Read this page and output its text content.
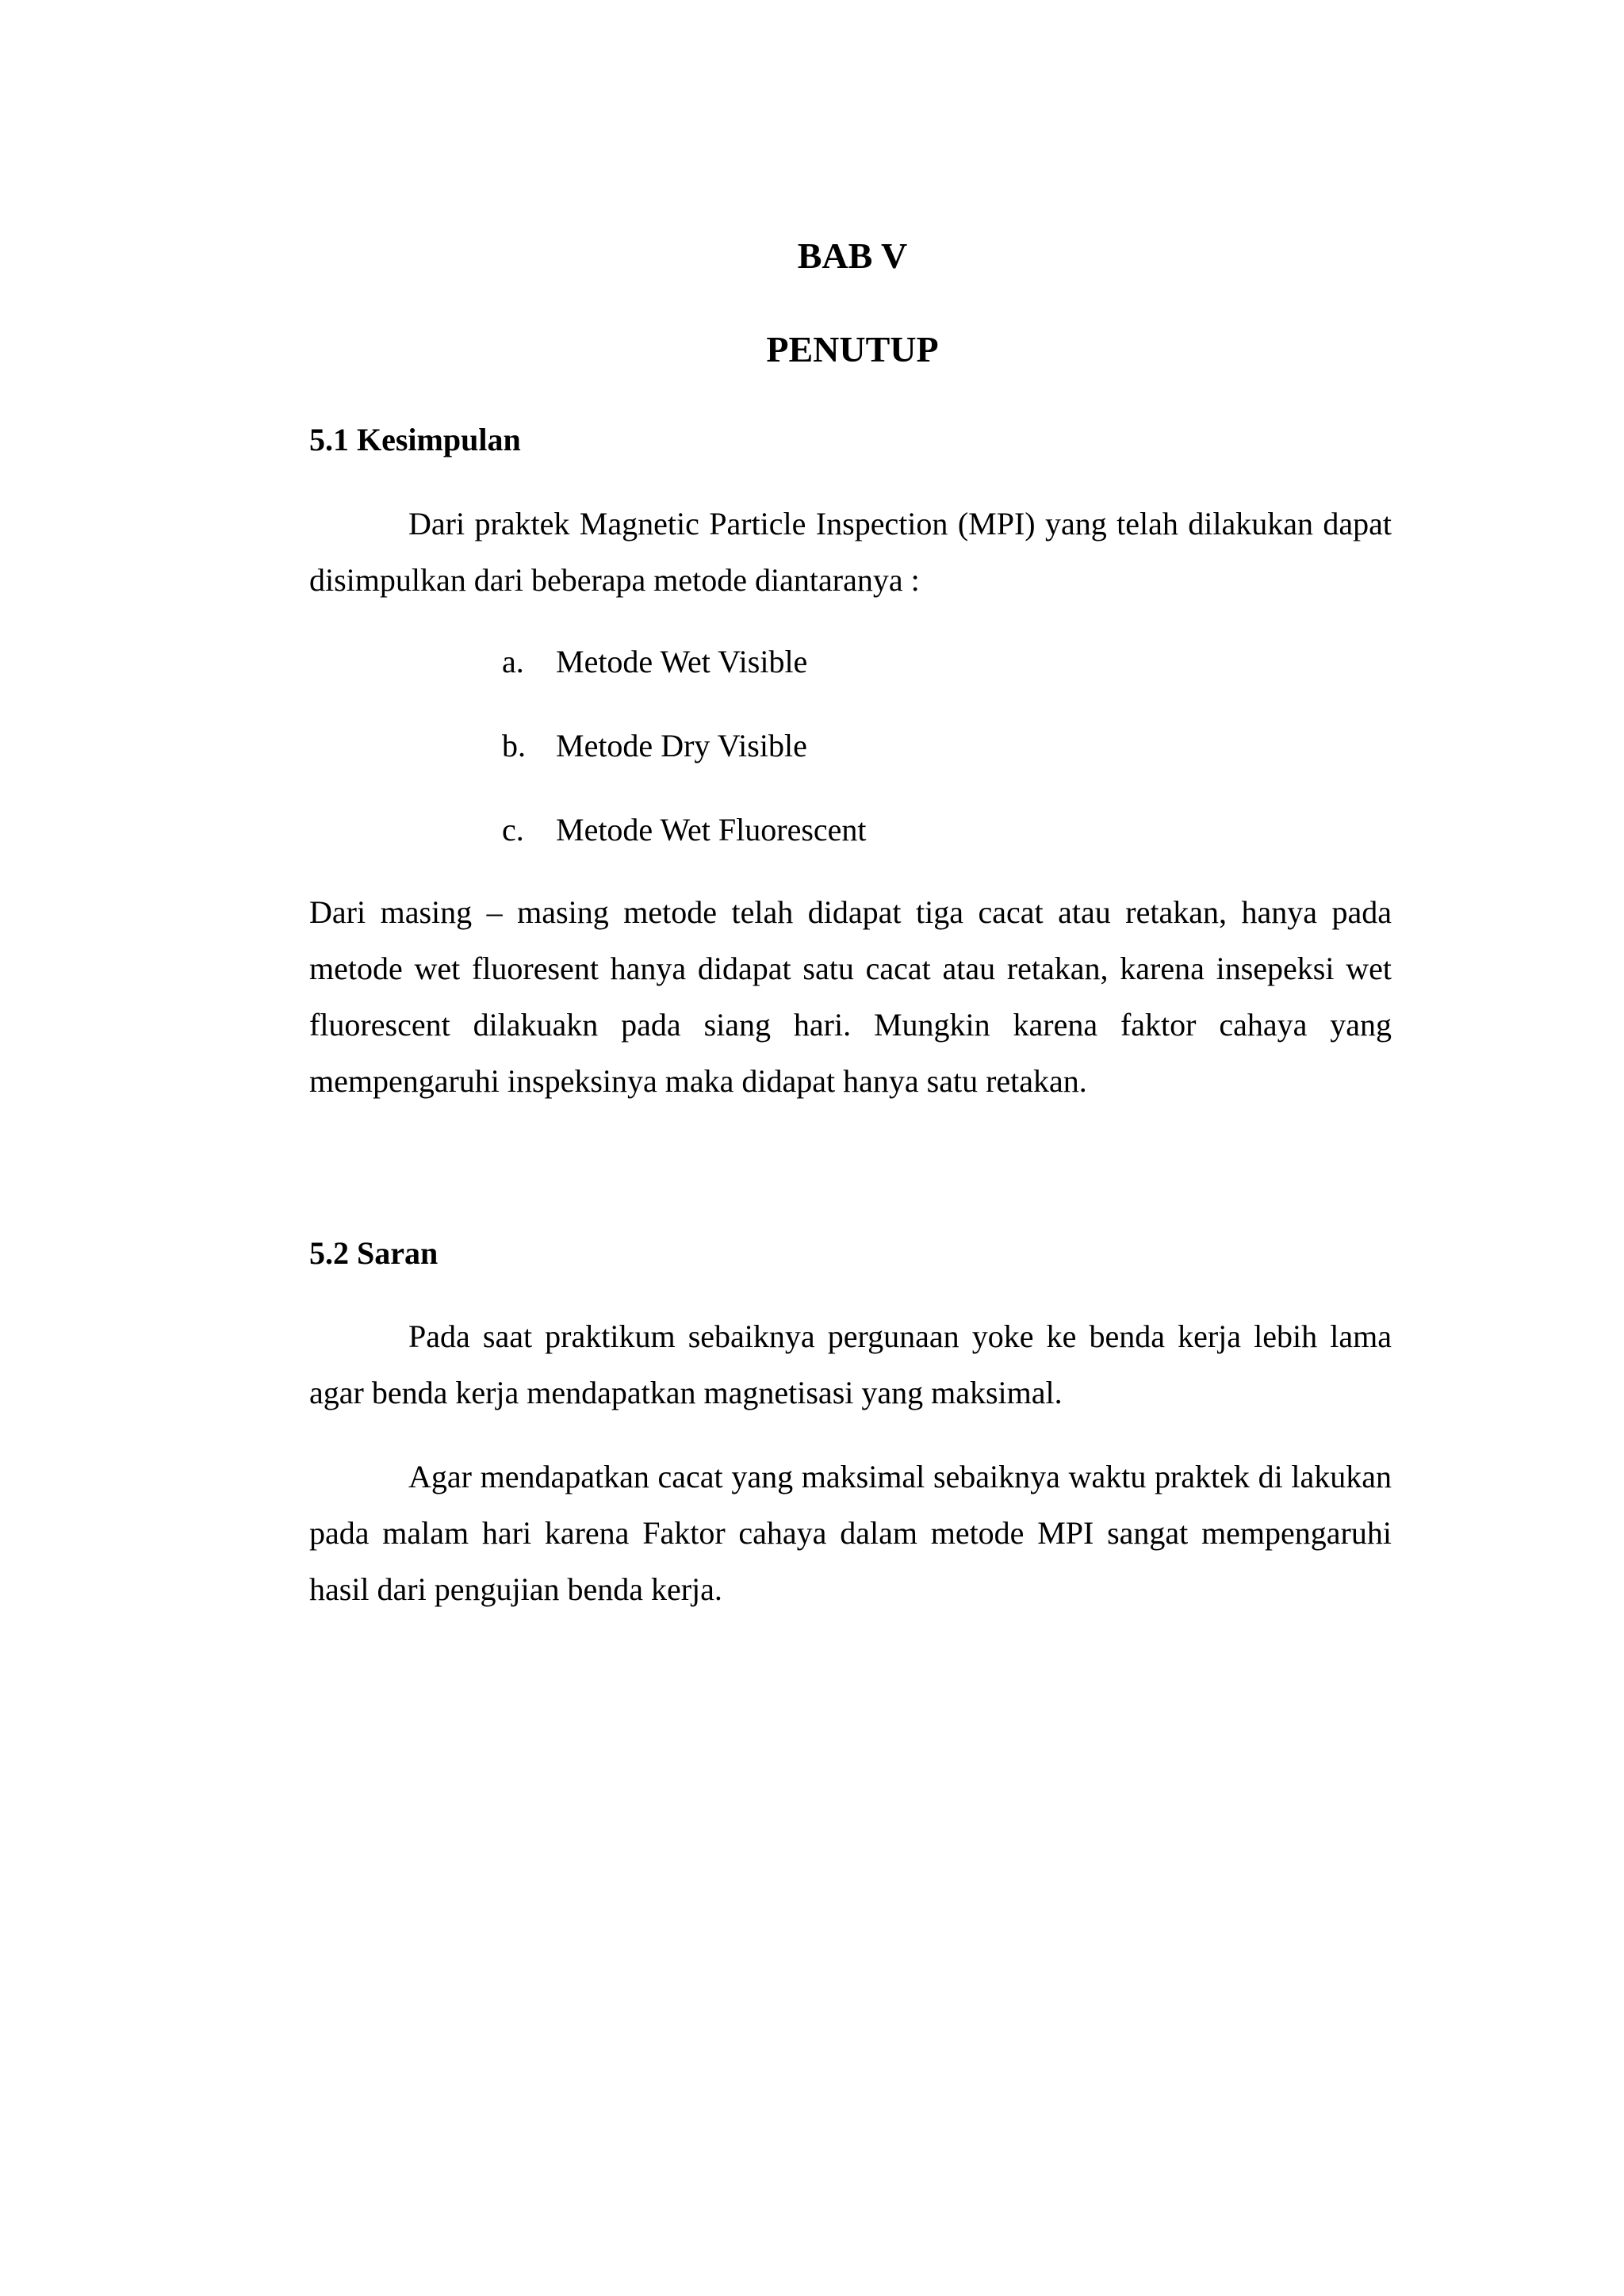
BAB V
PENUTUP
5.1 Kesimpulan

Dari praktek Magnetic Particle Inspection (MPI) yang telah dilakukan dapat disimpulkan dari beberapa metode diantaranya :

a. Metode Wet Visible
b. Metode Dry Visible
c. Metode Wet Fluorescent

Dari masing – masing metode telah didapat tiga cacat atau retakan, hanya pada metode wet fluoresent hanya didapat satu cacat atau retakan, karena insepeksi wet fluorescent dilakuakn pada siang hari. Mungkin karena faktor cahaya yang mempengaruhi inspeksinya maka didapat hanya satu retakan.

5.2 Saran

Pada saat praktikum sebaiknya pergunaan yoke ke benda kerja lebih lama agar benda kerja mendapatkan magnetisasi yang maksimal.

Agar mendapatkan cacat yang maksimal sebaiknya waktu praktek di lakukan pada malam hari karena Faktor cahaya dalam metode MPI sangat mempengaruhi hasil dari pengujian benda kerja.
